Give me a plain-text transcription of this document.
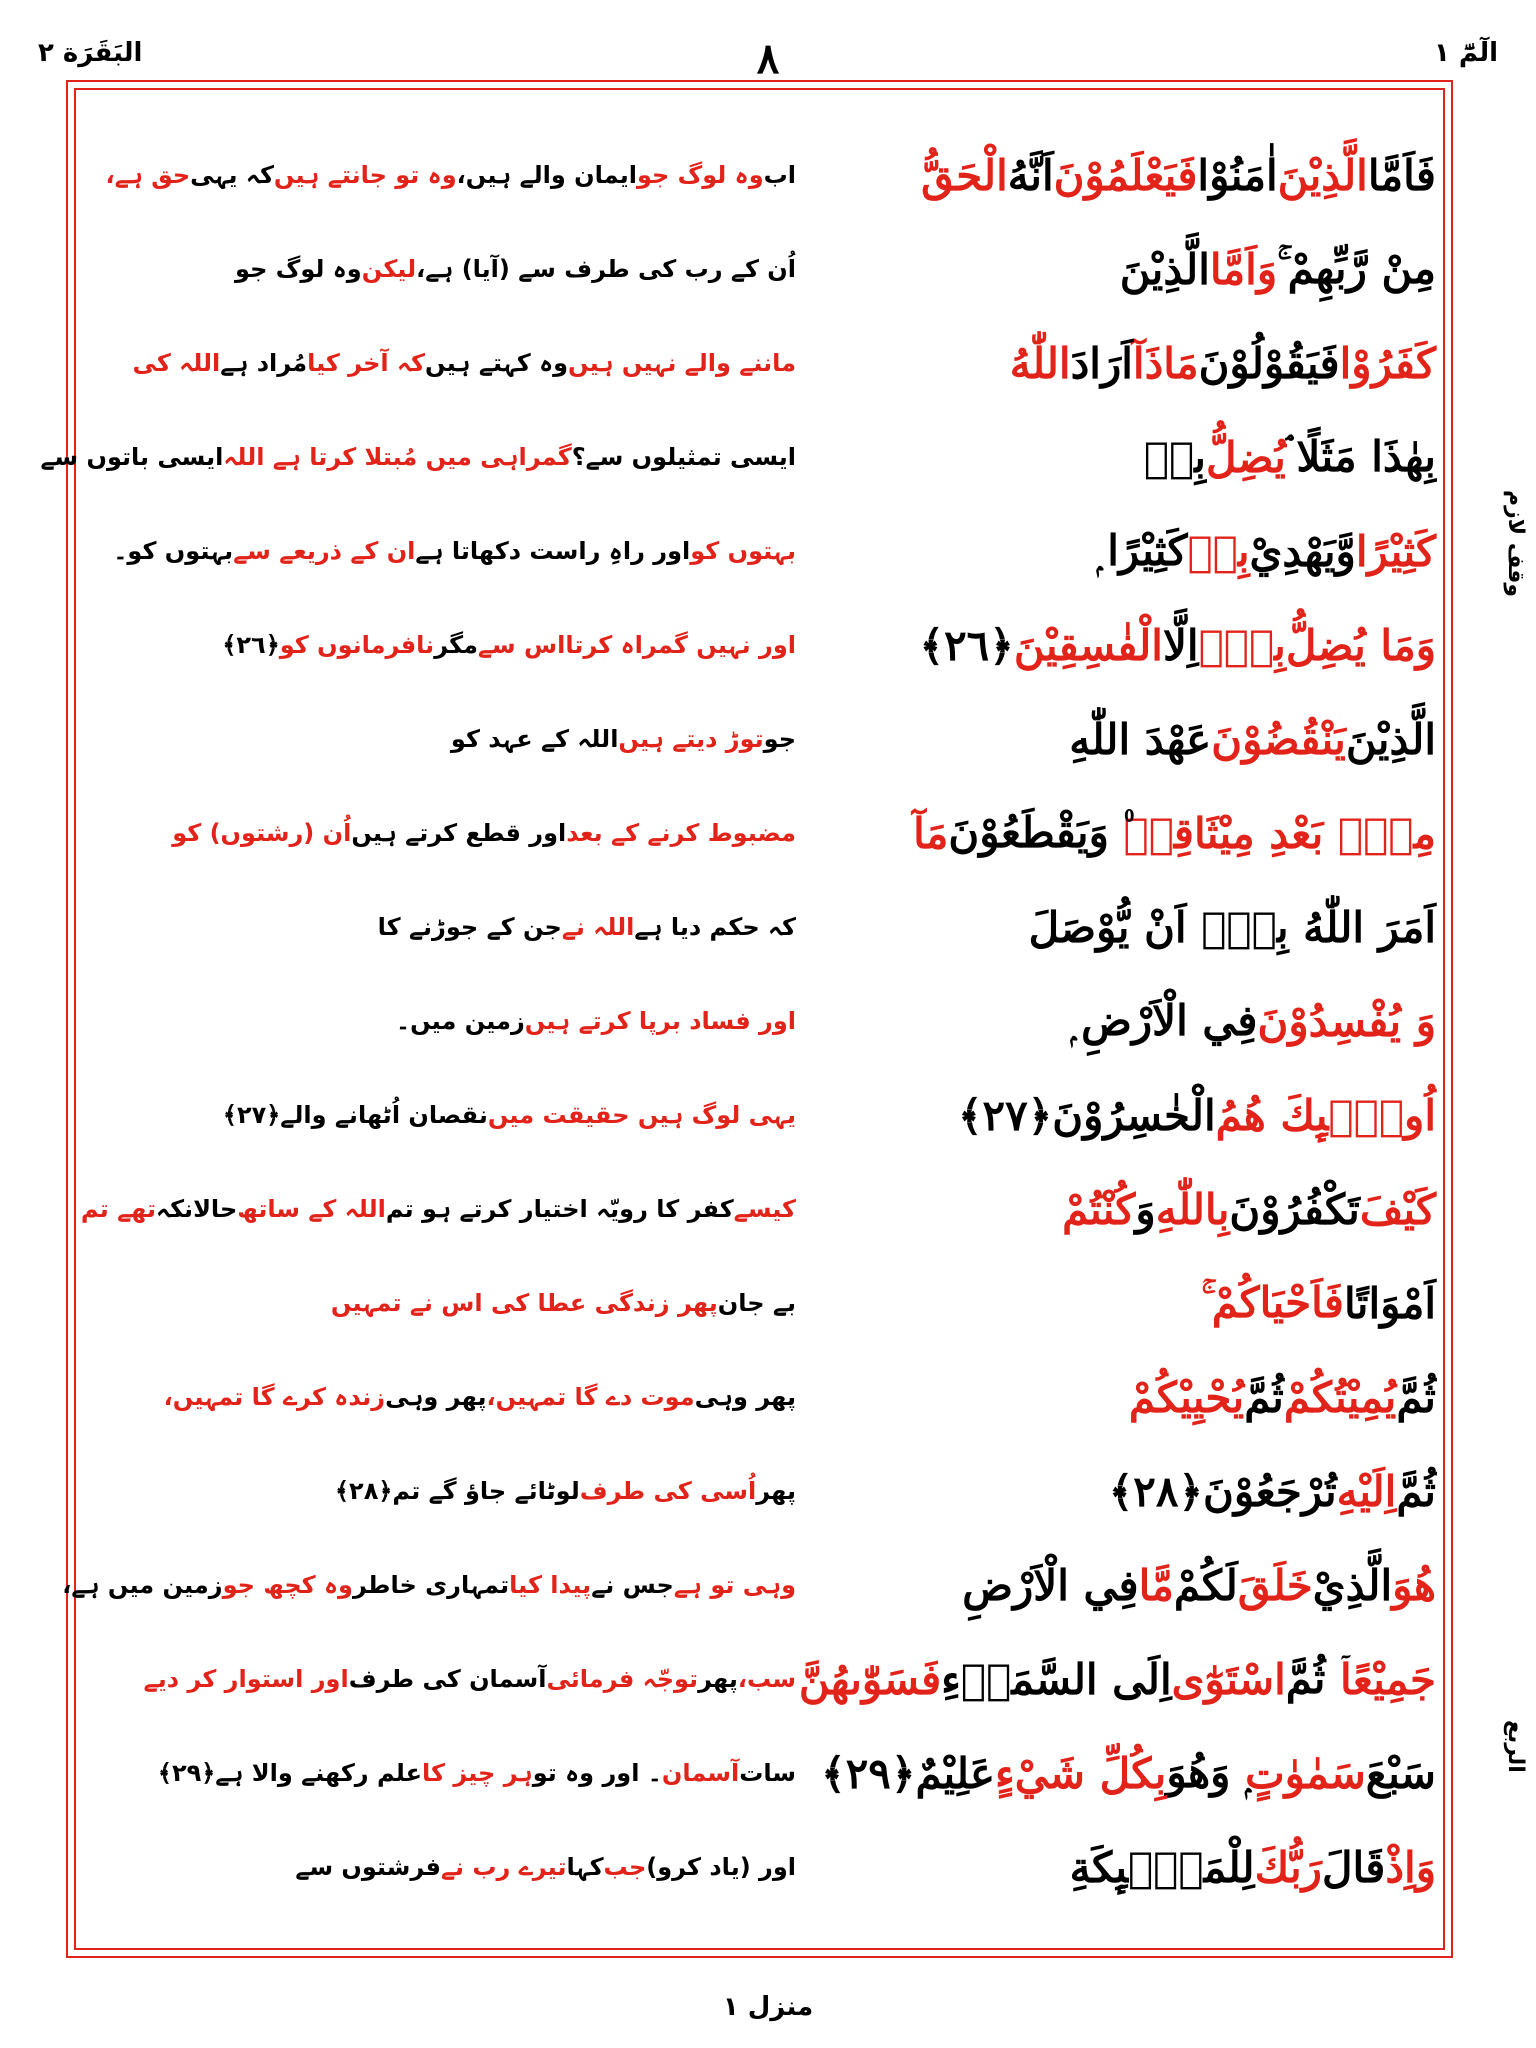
الٓمّٓ ١
٨
البَقَرَة ٢
فَاَمَّا
الَّذِيْنَ
اٰمَنُوْا
فَيَعْلَمُوْنَ
اَنَّهُ
الْحَقُّ
مِنْ رَّبِّهِمْ ۚ
وَاَمَّا
الَّذِيْنَ
كَفَرُوْا
فَيَقُوْلُوْنَ
مَاذَآ
اَرَادَ
اللّٰهُ
بِهٰذَا مَثَلًا ۘ
يُضِلُّ
بِهٖ
كَثِيْرًا
وَّيَهْدِيْ
بِهٖ
كَثِيْرًا ۭ
وَمَا يُضِلُّ
بِهٖٓ
اِلَّا
الْفٰسِقِيْنَ
﴿٢٦﴾
الَّذِيْنَ
يَنْقُضُوْنَ
عَهْدَ اللّٰهِ
مِنْۢ بَعْدِ مِيْثَاقِهٖ
۠ وَيَقْطَعُوْنَ
مَآ
اَمَرَ اللّٰهُ بِهٖٓ اَنْ يُّوْصَلَ
وَ يُفْسِدُوْنَ
فِي الْاَرْضِ ۭ
اُولٰۗىِٕكَ هُمُ
الْخٰسِرُوْنَ
﴿٢٧﴾
كَيْفَ
تَكْفُرُوْنَ
بِاللّٰهِ
وَ
كُنْتُمْ
اَمْوَاتًا
فَاَحْيَاكُمْ ۚ
ثُمَّ
يُمِيْتُكُمْ
ثُمَّ
يُحْيِيْكُمْ
ثُمَّ
اِلَيْهِ
تُرْجَعُوْنَ
﴿٢٨﴾
هُوَ
الَّذِيْ
خَلَقَ
لَكُمْ
مَّا
فِي الْاَرْضِ
جَمِيْعًا
ۤ ثُمَّ
اسْتَوٰٓى
اِلَى السَّمَاۗءِ
فَسَوّٰىھُنَّ
سَبْعَ
سَمٰوٰتٍ
ۭ وَھُوَ
بِكُلِّ شَيْءٍ
عَلِيْمٌ
﴿٢٩﴾
وَاِذْ
قَالَ
رَبُّكَ
لِلْمَلٰۗىِٕكَةِ
اب
وہ لوگ جو
ایمان والے ہیں،
وہ تو جانتے ہیں
کہ یہی
حق ہے،
اُن کے رب کی طرف سے (آیا) ہے،
لیکن
وہ لوگ جو
ماننے والے نہیں ہیں
وہ کہتے ہیں
کہ آخر کیا
مُراد ہے
اللہ کی
ایسی تمثیلوں سے؟
گمراہی میں مُبتلا کرتا ہے اللہ
ایسی باتوں سے
بہتوں کو
اور راہِ راست دکھاتا ہے
ان کے ذریعے سے
بہتوں کو۔
اور نہیں گمراہ کرتا
اس سے
مگر
نافرمانوں کو
﴿٢٦﴾
جو
توڑ دیتے ہیں
اللہ کے عہد کو
مضبوط کرنے کے بعد
اور قطع کرتے ہیں
اُن (رشتوں) کو
کہ حکم دیا ہے
اللہ نے
جن کے جوڑنے کا
اور فساد برپا کرتے ہیں
زمین میں۔
یہی لوگ ہیں حقیقت میں
نقصان اُٹھانے والے
﴿٢٧﴾
کیسے
کفر کا رویّہ اختیار کرتے ہو تم
اللہ کے ساتھ
حالانکہ
تھے تم
بے جان
پھر زندگی عطا کی اس نے تمہیں
پھر وہی
موت دے گا تمہیں،
پھر وہی
زندہ کرے گا تمہیں،
پھر
اُسی کی طرف
لوٹائے جاؤ گے تم
﴿٢٨﴾
وہی تو ہے
جس نے
پیدا کیا
تمہاری خاطر
وہ کچھ جو
زمین میں ہے،
سب،
پھر
توجّہ فرمائی
آسمان کی طرف
اور استوار کر دیے
سات
آسمان
۔ اور وہ تو
ہر چیز کا
علم رکھنے والا ہے
﴿٢٩﴾
اور (یاد کرو)
جب
کہا
تیرے رب نے
فرشتوں سے
وقف لازم
الربع
منزل ١
